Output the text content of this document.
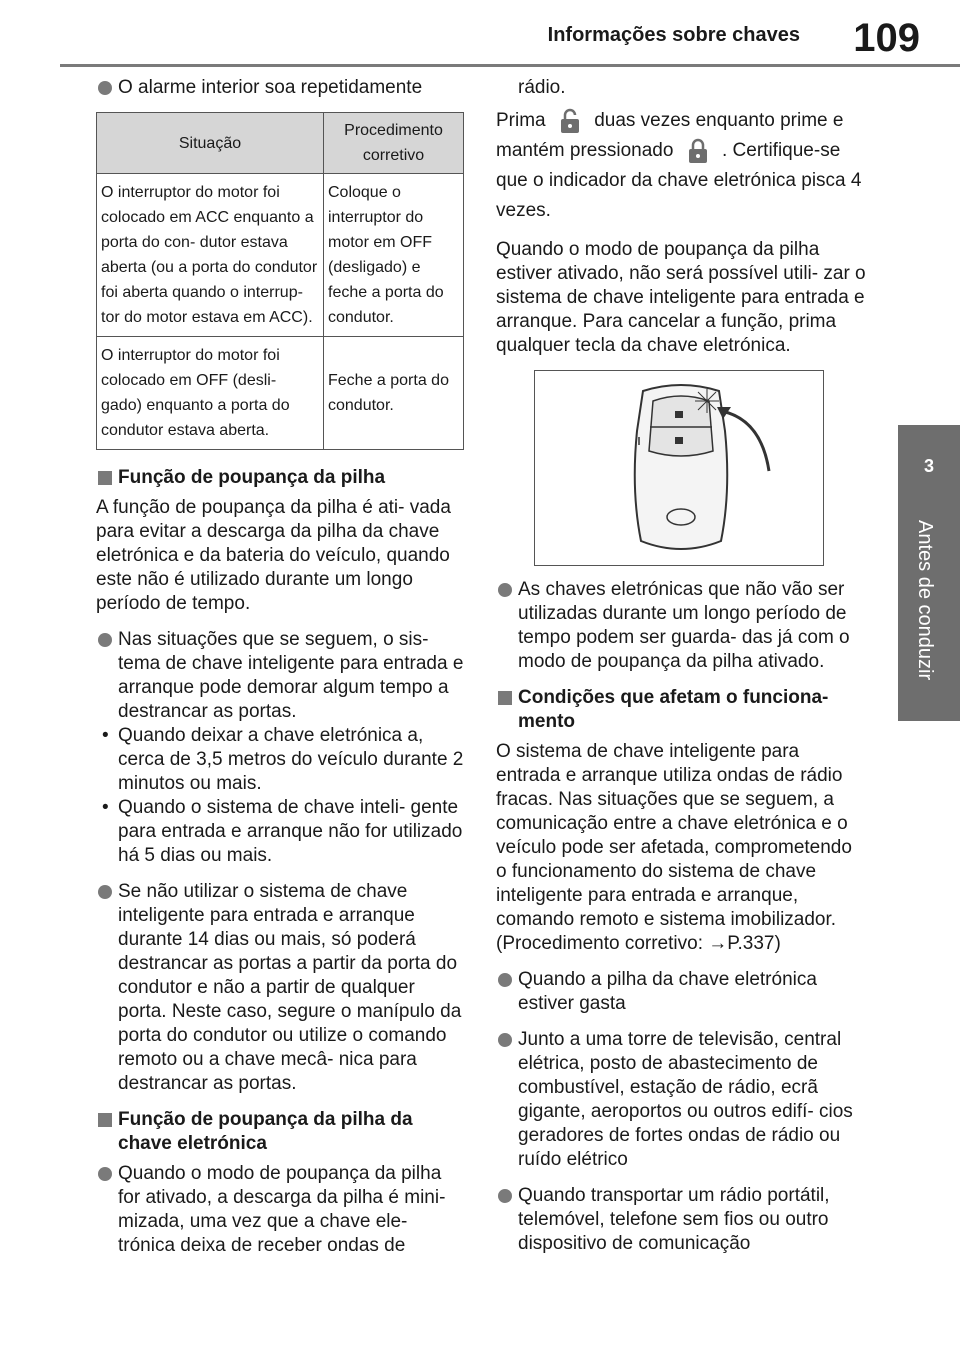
Informações sobre chaves	109
3
Antes de conduzir
O alarme interior soa repetidamente
Situação	Procedimento corretivo
O interruptor do motor foi colocado em ACC enquanto a porta do con- dutor estava aberta (ou a porta do condutor foi aberta quando o interrup- tor do motor estava em ACC).	Coloque o interruptor do motor em OFF (desligado) e feche a porta do condutor.
O interruptor do motor foi colocado em OFF (desli- gado) enquanto a porta do condutor estava aberta.	Feche a porta do condutor.
Função de poupança da pilha
A função de poupança da pilha é ati- vada para evitar a descarga da pilha da chave eletrónica e da bateria do veículo, quando este não é utilizado durante um longo período de tempo.
Nas situações que se seguem, o sis- tema de chave inteligente para entrada e arranque pode demorar algum tempo a destrancar as portas.
• Quando deixar a chave eletrónica a, cerca de 3,5 metros do veículo durante 2 minutos ou mais.
• Quando o sistema de chave inteli- gente para entrada e arranque não for utilizado há 5 dias ou mais.
Se não utilizar o sistema de chave inteligente para entrada e arranque durante 14 dias ou mais, só poderá destrancar as portas a partir da porta do condutor e não a partir de qualquer porta. Neste caso, segure o manípulo da porta do condutor ou utilize o comando remoto ou a chave mecâ- nica para destrancar as portas.
Função de poupança da pilha da chave eletrónica
Quando o modo de poupança da pilha for ativado, a descarga da pilha é mini- mizada, uma vez que a chave ele- trónica deixa de receber ondas de
rádio.
Prima	duas vezes enquanto prime e mantém pressionado	. Certifique-se que o indicador da chave eletrónica pisca 4 vezes.
Quando o modo de poupança da pilha estiver ativado, não será possível utili- zar o sistema de chave inteligente para entrada e arranque. Para cancelar a função, prima qualquer tecla da chave eletrónica.
As chaves eletrónicas que não vão ser utilizadas durante um longo período de tempo podem ser guarda- das já com o modo de poupança da pilha ativado.
Condições que afetam o funciona- mento
O sistema de chave inteligente para entrada e arranque utiliza ondas de rádio fracas. Nas situações que se seguem, a comunicação entre a chave eletrónica e o veículo pode ser afetada, comprometendo o funcionamento do sistema de chave inteligente para entrada e arranque, comando remoto e sistema imobilizador. (Procedimento corretivo: →P.337)
Quando a pilha da chave eletrónica estiver gasta
Junto a uma torre de televisão, central elétrica, posto de abastecimento de combustível, estação de rádio, ecrã gigante, aeroportos ou outros edifí- cios geradores de fortes ondas de rádio ou ruído elétrico
Quando transportar um rádio portátil, telemóvel, telefone sem fios ou outro dispositivo de comunicação
